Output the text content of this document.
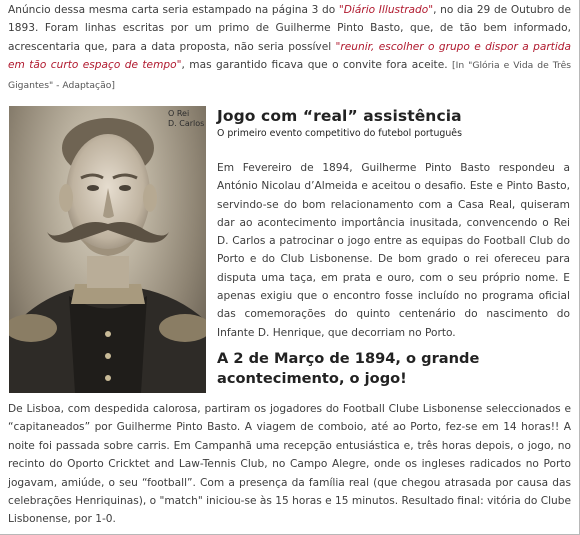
Anúncio dessa mesma carta seria estampado na página 3 do "Diário Illustrado", no dia 29 de Outubro de 1893. Foram linhas escritas por um primo de Guilherme Pinto Basto, que, de tão bem informado, acrescentaria que, para a data proposta, não seria possível "reunir, escolher o grupo e dispor a partida em tão curto espaço de tempo", mas garantido ficava que o convite fora aceite. [In "Glória e Vida de Três Gigantes" - Adaptação]
O Rei
D. Carlos Jogo com “real” assistência
O primeiro evento competitivo do futebol português
Em Fevereiro de 1894, Guilherme Pinto Basto respondeu a António Nicolau d’Almeida e aceitou o desafio. Este e Pinto Basto, servindo-se do bom relacionamento com a Casa Real, quiseram dar ao acontecimento importância inusitada, convencendo o Rei D. Carlos a patrocinar o jogo entre as equipas do Football Club do Porto e do Club Lisbonense. De bom grado o rei ofereceu para disputa uma taça, em prata e ouro, com o seu próprio nome. E apenas exigiu que o encontro fosse incluído no programa oficial das comemorações do quinto centenário do nascimento do Infante D. Henrique, que decorriam no Porto.
A 2 de Março de 1894, o grande acontecimento, o jogo!
De Lisboa, com despedida calorosa, partiram os jogadores do Football Clube Lisbonense seleccionados e “capitaneados” por Guilherme Pinto Basto. A viagem de comboio, até ao Porto, fez-se em 14 horas!! A noite foi passada sobre carris. Em Campanhã uma recepção entusiástica e, três horas depois, o jogo, no recinto do Oporto Cricktet and Law-Tennis Club, no Campo Alegre, onde os ingleses radicados no Porto jogavam, amiúde, o seu “football”. Com a presença da família real (que chegou atrasada por causa das celebrações Henriquinas), o "match" iniciou-se às 15 horas e 15 minutos. Resultado final: vitória do Clube Lisbonense, por 1-0.
